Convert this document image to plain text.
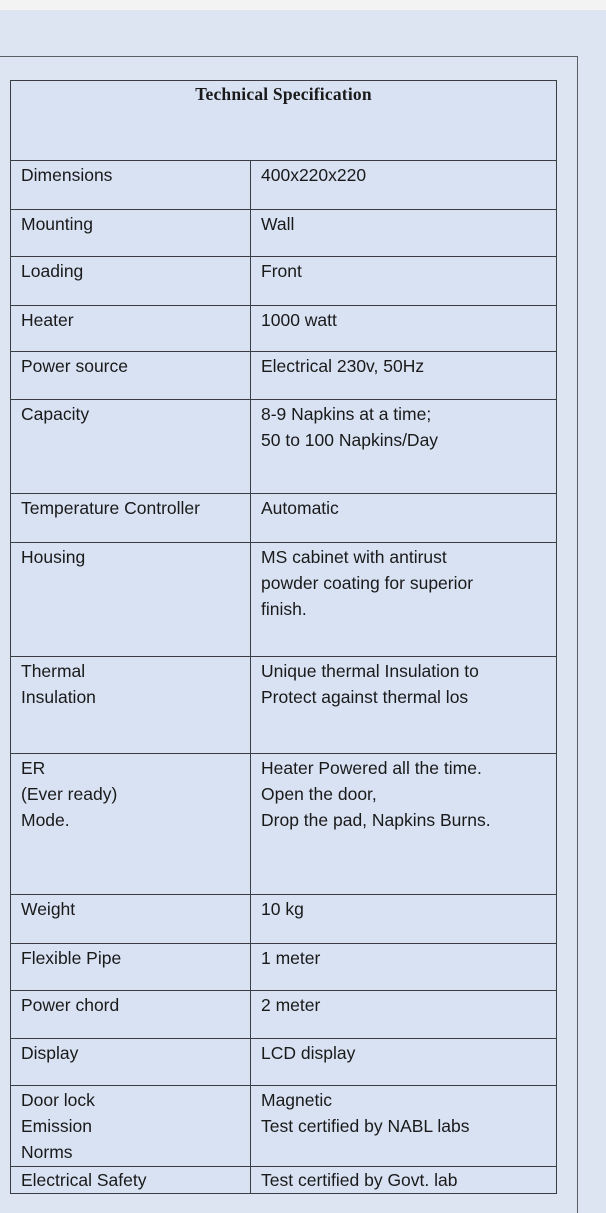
Technical Specification	

Dimensions	400x220x220

Mounting	Wall

Loading	Front

Heater	1000 watt

Power source	Electrical 230v, 50Hz

Capacity	8-9 Napkins at a time;
50 to 100 Napkins/Day

Temperature Controller	Automatic

Housing	MS cabinet with antirust
powder coating for superior
finish.

Thermal
Insulation	Unique thermal Insulation to
Protect against thermal los

ER
(Ever ready)
Mode.	Heater Powered all the time.
Open the door,
Drop the pad, Napkins Burns.

Weight	10 kg

Flexible Pipe	1 meter

Power chord	2 meter

Display	LCD display

Door lock
Emission
Norms	Magnetic
Test certified by NABL labs

Electrical Safety	Test certified by Govt. lab
